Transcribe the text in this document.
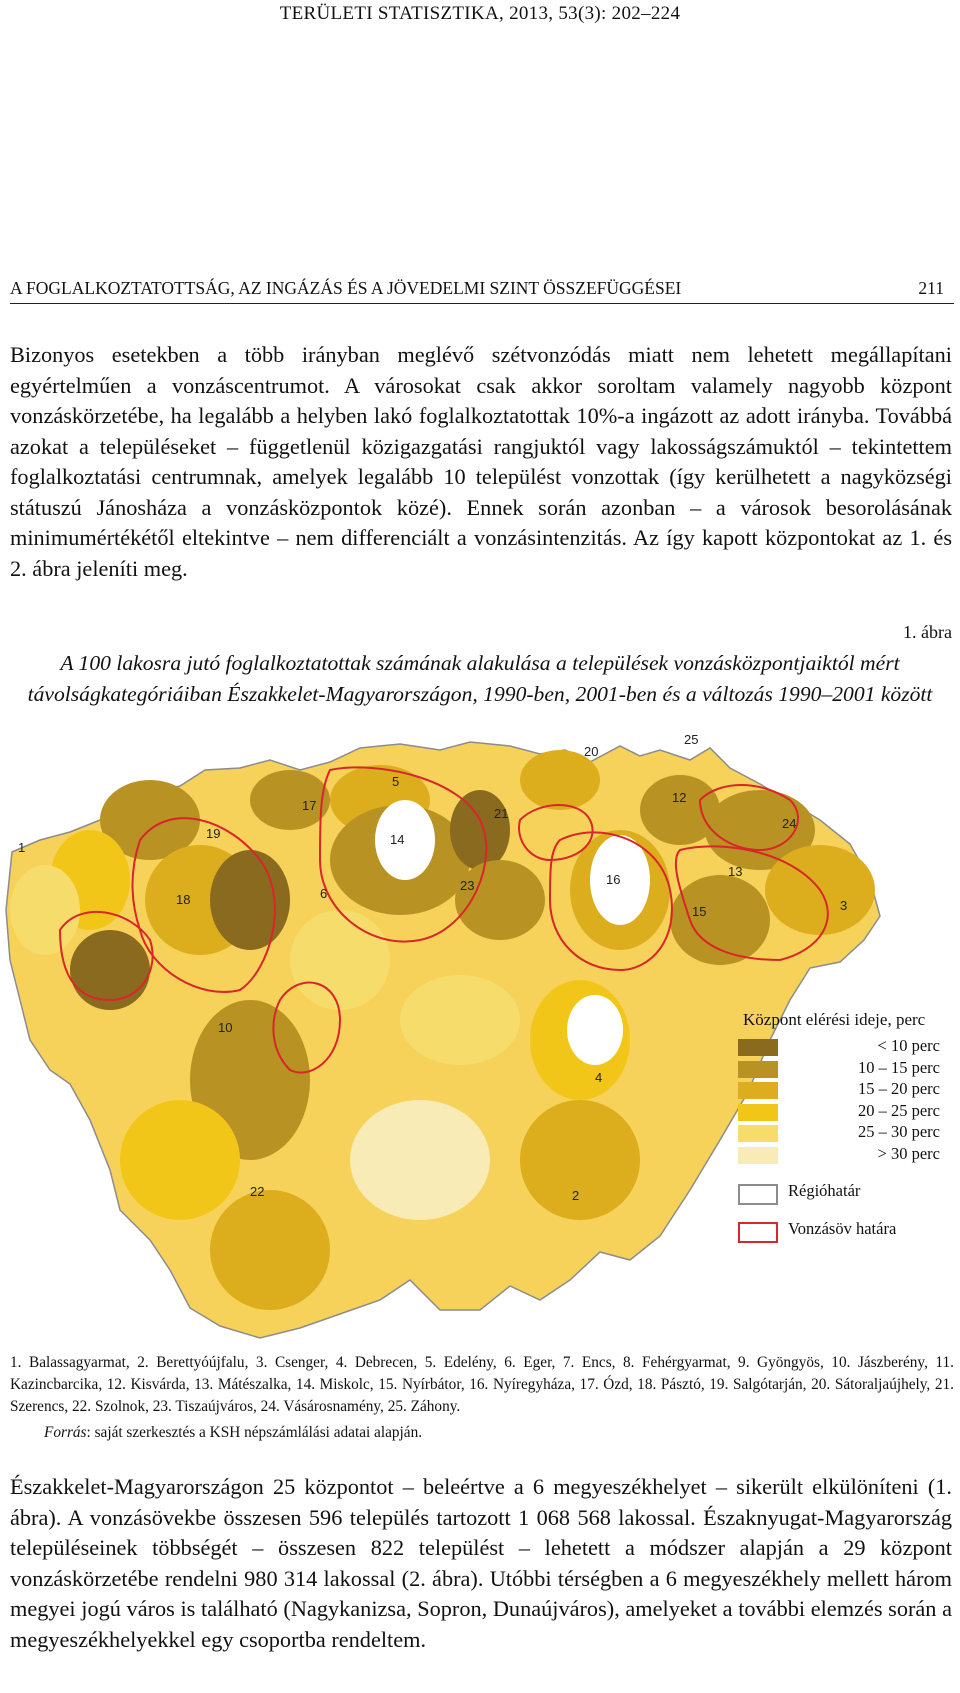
TERÜLETI STATISZTIKA, 2013, 53(3): 202–224
A FOGLALKOZTATOTTSÁG, AZ INGÁZÁS ÉS A JÖVEDELMI SZINT ÖSSZEFÜGGÉSEI	211

Bizonyos esetekben a több irányban meglévő szétvonzódás miatt nem lehetett megállapítani egyértelműen a vonzáscentrumot. A városokat csak akkor soroltam valamely nagyobb központ vonzáskörzetébe, ha legalább a helyben lakó foglalkoztatottak 10%-a ingázott az adott irányba. Továbbá azokat a településeket – függetlenül közigazgatási rangjuktól vagy lakosságszámuktól – tekintettem foglalkoztatási centrumnak, amelyek legalább 10 települést vonzottak (így kerülhetett a nagyközségi státuszú Jánosháza a vonzásközpontok közé). Ennek során azonban – a városok besorolásának minimumértékétől eltekintve – nem differenciált a vonzásintenzitás. Az így kapott központokat az 1. és 2. ábra jeleníti meg.

1. ábra
A 100 lakosra jutó foglalkoztatottak számának alakulása a települések vonzásközpontjaiktól mért távolságkategóriáiban Északkelet-Magyarországon, 1990-ben, 2001-ben és a változás 1990–2001 között
1
2
3
4
5
6
10
12
13
14
15
16
17
18
19
20
21
22
23
24
25
Központ elérési ideje, perc
< 10 perc
10 – 15 perc
15 – 20 perc
20 – 25 perc
25 – 30 perc
> 30 perc
Régióhatár
Vonzásöv határa
1. Balassagyarmat, 2. Berettyóújfalu, 3. Csenger, 4. Debrecen, 5. Edelény, 6. Eger, 7. Encs, 8. Fehérgyarmat, 9. Gyöngyös, 10. Jászberény, 11. Kazincbarcika, 12. Kisvárda, 13. Mátészalka, 14. Miskolc, 15. Nyírbátor, 16. Nyíregyháza, 17. Ózd, 18. Pásztó, 19. Salgótarján, 20. Sátoraljaújhely, 21. Szerencs, 22. Szolnok, 23. Tiszaújváros, 24. Vásárosnamény, 25. Záhony.
Forrás: saját szerkesztés a KSH népszámlálási adatai alapján.

Északkelet-Magyarországon 25 központot – beleértve a 6 megyeszékhelyet – sikerült elkülöníteni (1. ábra). A vonzásövekbe összesen 596 település tartozott 1 068 568 lakossal. Északnyugat-Magyarország településeinek többségét – összesen 822 települést – lehetett a módszer alapján a 29 központ vonzáskörzetébe rendelni 980 314 lakossal (2. ábra). Utóbbi térségben a 6 megyeszékhely mellett három megyei jogú város is található (Nagykanizsa, Sopron, Dunaújváros), amelyeket a további elemzés során a megyeszékhelyekkel egy csoportba rendeltem.
